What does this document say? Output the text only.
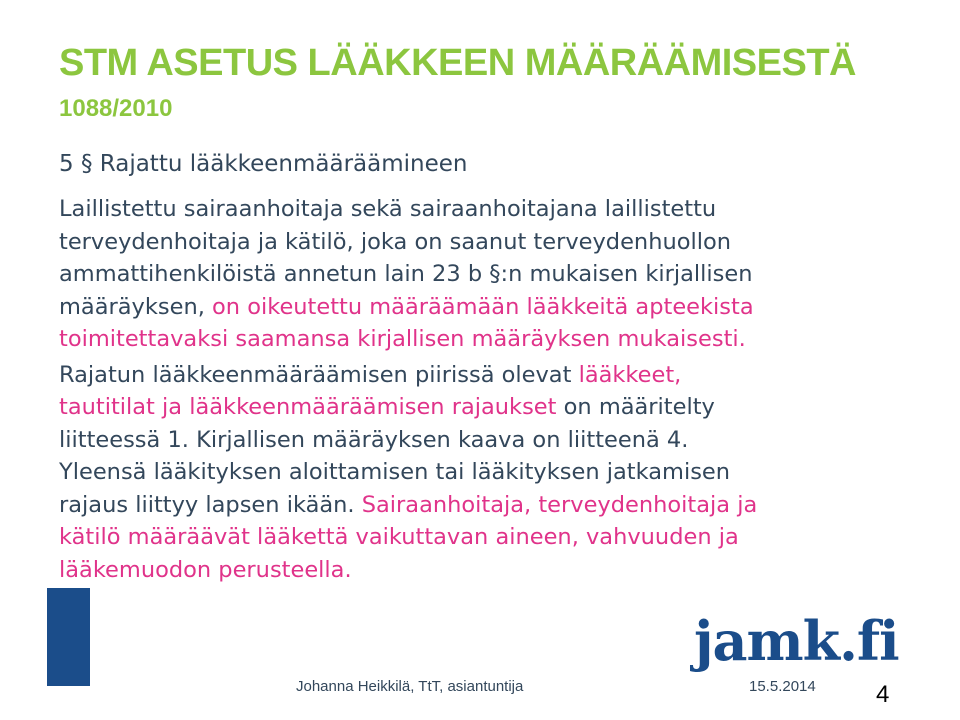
STM ASETUS LÄÄKKEEN MÄÄRÄÄMISESTÄ
1088/2010
5 § Rajattu lääkkeenmääräämineen

Laillistettu sairaanhoitaja sekä sairaanhoitajana laillistettu
terveydenhoitaja ja kätilö, joka on saanut terveydenhuollon
ammattihenkilöistä annetun lain 23 b §:n mukaisen kirjallisen
määräyksen, on oikeutettu määräämään lääkkeitä apteekista
toimitettavaksi saamansa kirjallisen määräyksen mukaisesti.

Rajatun lääkkeenmääräämisen piirissä olevat lääkkeet,
tautitilat ja lääkkeenmääräämisen rajaukset on määritelty
liitteessä 1. Kirjallisen määräyksen kaava on liitteenä 4.
Yleensä lääkityksen aloittamisen tai lääkityksen jatkamisen
rajaus liittyy lapsen ikään. Sairaanhoitaja, terveydenhoitaja ja
kätilö määräävät lääkettä vaikuttavan aineen, vahvuuden ja
lääkemuodon perusteella.

Johanna Heikkilä, TtT, asiantuntija	15.5.2014
jamk.fi
4
